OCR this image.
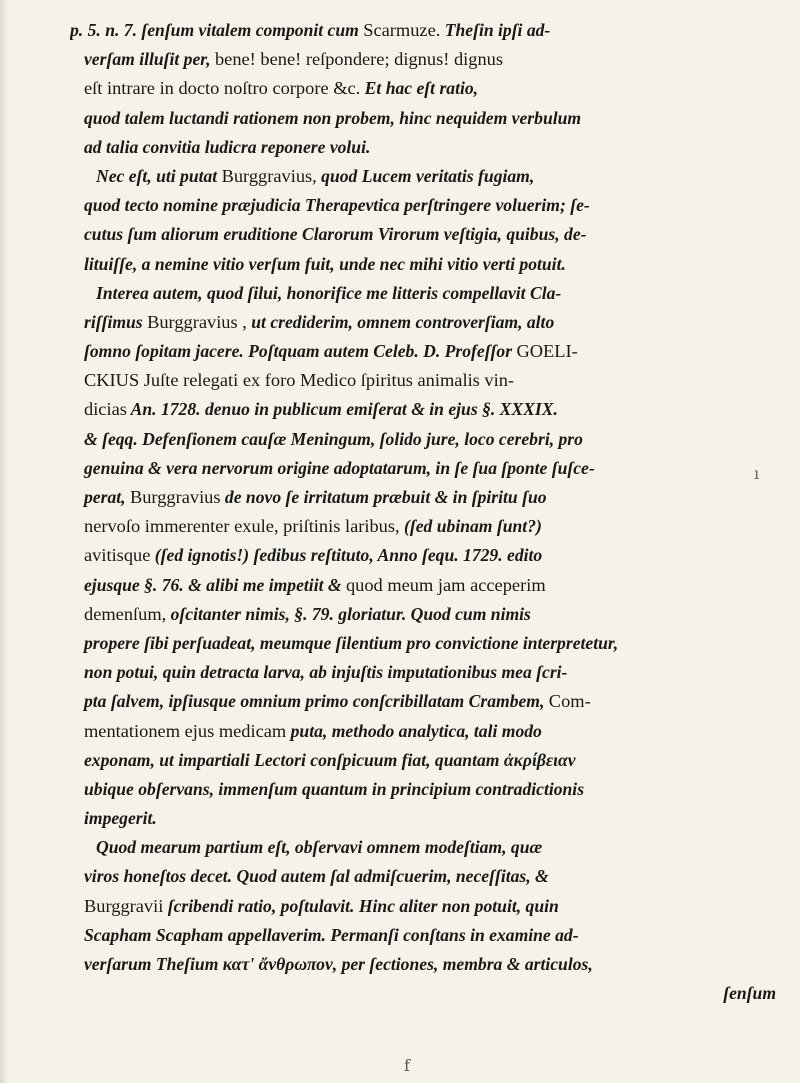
p. 5. n. 7. ſenſum vitalem componit cum Scarmuze. Theſin ipſi ad-
verſam illuſit per, bene! bene! reſpondere; dignus! dignus
eſt intrare in docto noſtro corpore &c. Et hac eſt ratio,
quod talem luctandi rationem non probem, hinc nequidem verbulum
ad talia convitia ludicra reponere volui.
Nec eſt, uti putat Burggravius, quod Lucem veritatis fugiam,
quod tecto nomine præjudicia Therapevtica perſtringere voluerim; ſe-
cutus ſum aliorum eruditione Clarorum Virorum veſtigia, quibus, de-
lituiſſe, a nemine vitio verſum fuit, unde nec mihi vitio verti potuit.
Interea autem, quod ſilui, honorifice me litteris compellavit Cla-
riſſimus Burggravius , ut crediderim, omnem controverſiam, alto
ſomno ſopitam jacere. Poſtquam autem Celeb. D. Profeſſor GOELI-
CKIUS Juſte relegati ex foro Medico ſpiritus animalis vin-
dicias An. 1728. denuo in publicum emiſerat & in ejus §. XXXIX.
& ſeqq. Defenſionem cauſæ Meningum, ſolido jure, loco cerebri, pro
genuina & vera nervorum origine adoptatarum, in ſe ſua ſponte ſuſce-
perat, Burggravius de novo ſe irritatum præbuit & in ſpiritu ſuo
nervoſo immerenter exule, priſtinis laribus, (ſed ubinam ſunt?)
avitisque (ſed ignotis!) ſedibus reſtituto, Anno ſequ. 1729. edito
ejusque §. 76. & alibi me impetiit & quod meum jam acceperim
demenſum, oſcitanter nimis, §. 79. gloriatur. Quod cum nimis
propere ſibi perſuadeat, meumque ſilentium pro convictione interpretetur,
non potui, quin detracta larva, ab injuſtis imputationibus mea ſcri-
pta ſalvem, ipſiusque omnium primo conſcribillatam Crambem, Com-
mentationem ejus medicam puta, methodo analytica, tali modo
exponam, ut impartiali Lectori conſpicuum fiat, quantam ἀκρίβειαν
ubique obſervans, immenſum quantum in principium contradictionis
impegerit.
Quod mearum partium eſt, obſervavi omnem modeſtiam, quæ
viros honeſtos decet. Quod autem ſal admiſcuerim, neceſſitas, &
Burggravii ſcribendi ratio, poſtulavit. Hinc aliter non potuit, quin
Scapham Scapham appellaverim. Permanſi conſtans in examine ad-
verſarum Theſium κατ' ἄνθρωπον, per ſectiones, membra & articulos,
ſenſum
ı
f
